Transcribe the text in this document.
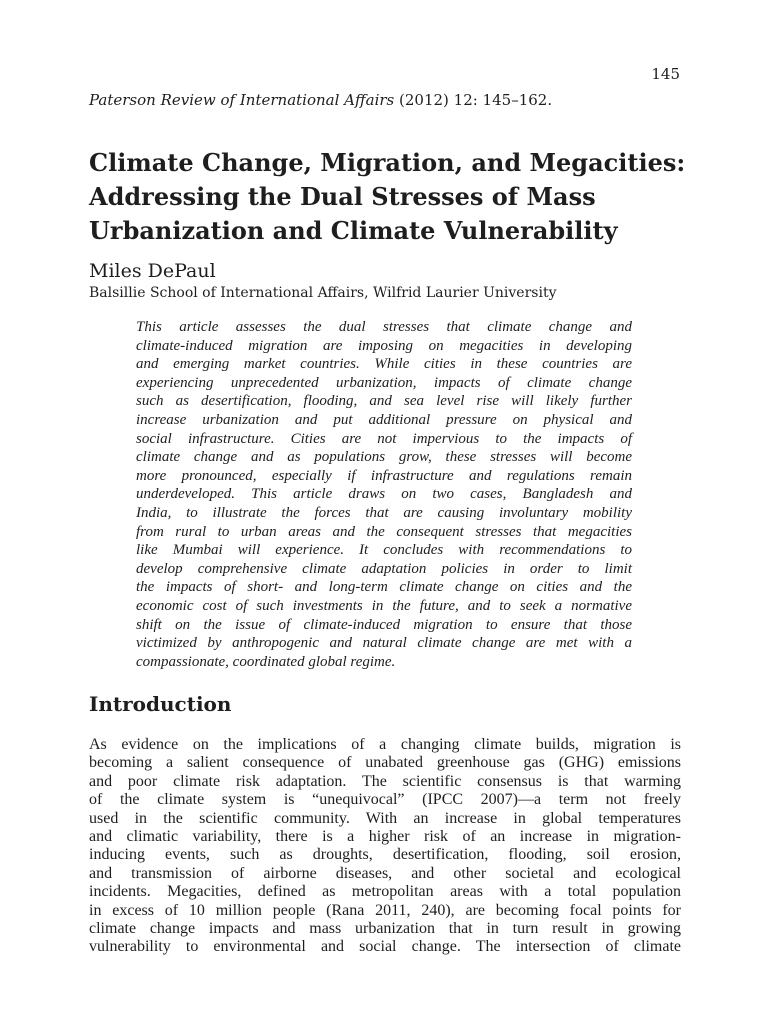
145
Paterson Review of International Affairs (2012) 12: 145–162.
Climate Change, Migration, and Megacities:
Addressing the Dual Stresses of Mass
Urbanization and Climate Vulnerability
Miles DePaul
Balsillie School of International Affairs, Wilfrid Laurier University
This article assesses the dual stresses that climate change and
climate-induced migration are imposing on megacities in developing
and emerging market countries. While cities in these countries are
experiencing unprecedented urbanization, impacts of climate change
such as desertification, flooding, and sea level rise will likely further
increase urbanization and put additional pressure on physical and
social infrastructure. Cities are not impervious to the impacts of
climate change and as populations grow, these stresses will become
more pronounced, especially if infrastructure and regulations remain
underdeveloped. This article draws on two cases, Bangladesh and
India, to illustrate the forces that are causing involuntary mobility
from rural to urban areas and the consequent stresses that megacities
like Mumbai will experience. It concludes with recommendations to
develop comprehensive climate adaptation policies in order to limit
the impacts of short- and long-term climate change on cities and the
economic cost of such investments in the future, and to seek a normative
shift on the issue of climate-induced migration to ensure that those
victimized by anthropogenic and natural climate change are met with a
compassionate, coordinated global regime.
Introduction
As evidence on the implications of a changing climate builds, migration is
becoming a salient consequence of unabated greenhouse gas (GHG) emissions
and poor climate risk adaptation. The scientific consensus is that warming
of the climate system is “unequivocal” (IPCC 2007)—a term not freely
used in the scientific community. With an increase in global temperatures
and climatic variability, there is a higher risk of an increase in migration-
inducing events, such as droughts, desertification, flooding, soil erosion,
and transmission of airborne diseases, and other societal and ecological
incidents. Megacities, defined as metropolitan areas with a total population
in excess of 10 million people (Rana 2011, 240), are becoming focal points for
climate change impacts and mass urbanization that in turn result in growing
vulnerability to environmental and social change. The intersection of climate
